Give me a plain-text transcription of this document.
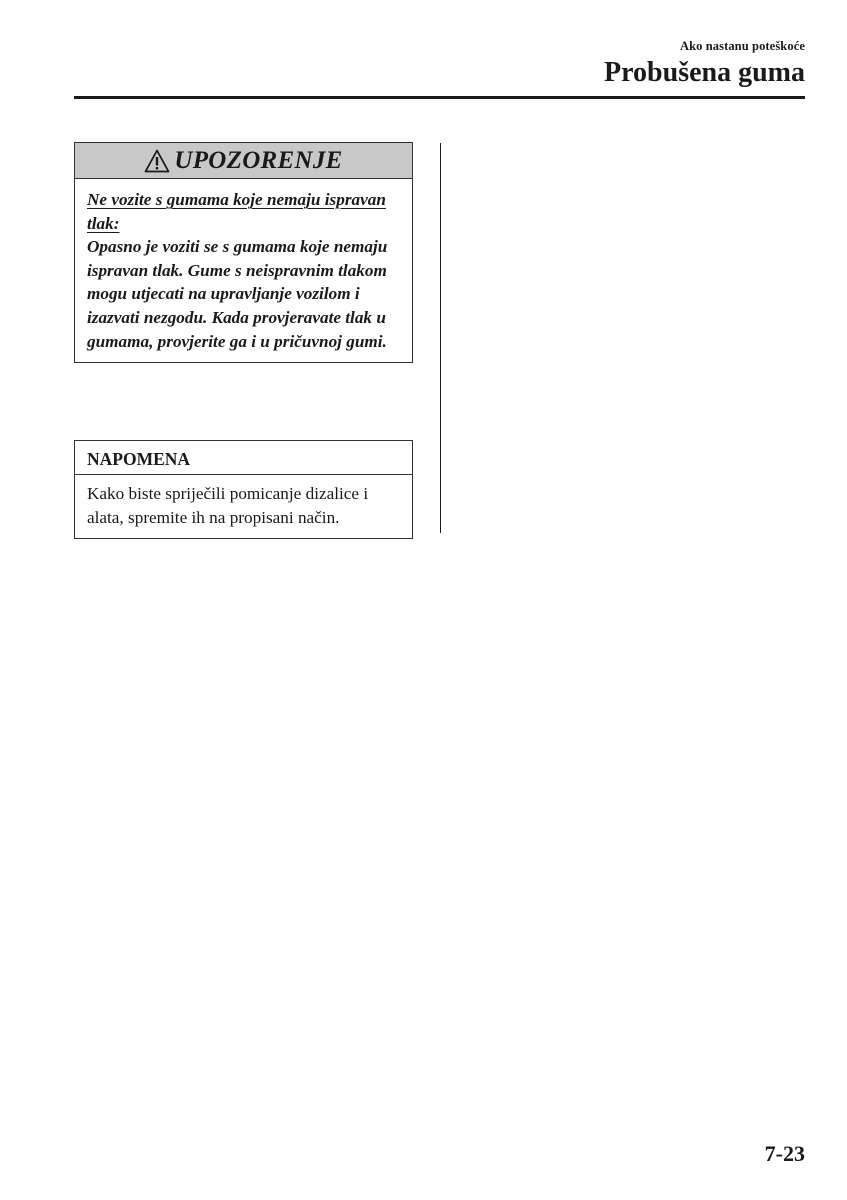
Ako nastanu poteškoće
Probušena guma
UPOZORENJE
Ne vozite s gumama koje nemaju ispravan tlak:
Opasno je voziti se s gumama koje nemaju ispravan tlak. Gume s neispravnim tlakom mogu utjecati na upravljanje vozilom i izazvati nezgodu. Kada provjeravate tlak u gumama, provjerite ga i u pričuvnoj gumi.
NAPOMENA
Kako biste spriječili pomicanje dizalice i alata, spremite ih na propisani način.
7-23
